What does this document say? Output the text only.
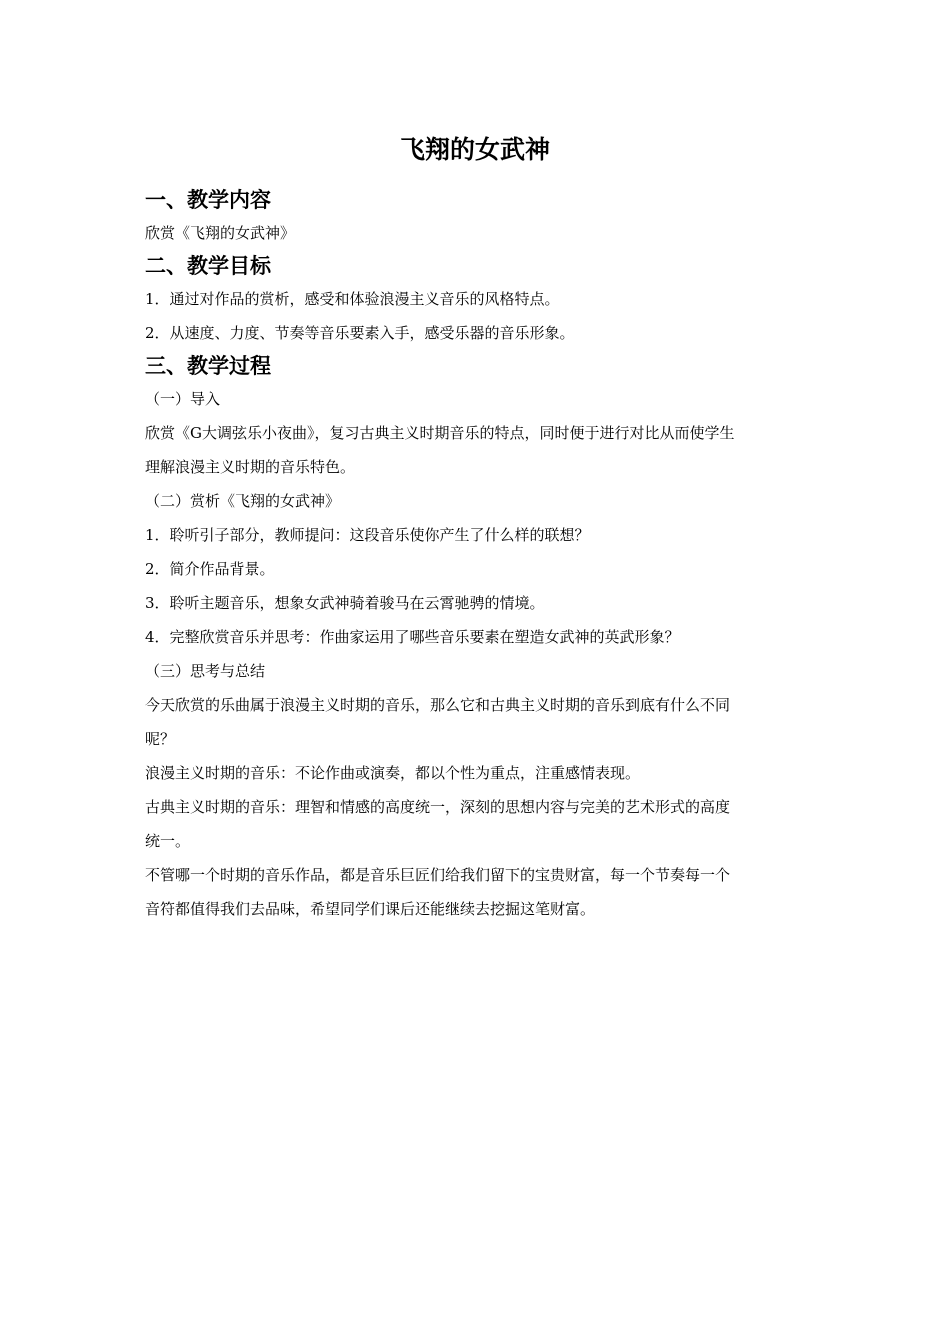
飞翔的女武神
一、教学内容

欣赏《飞翔的女武神》

二、教学目标

1．通过对作品的赏析，感受和体验浪漫主义音乐的风格特点。

2．从速度、力度、节奏等音乐要素入手，感受乐器的音乐形象。

三、教学过程

（一）导入

欣赏《G大调弦乐小夜曲》，复习古典主义时期音乐的特点，同时便于进行对比从而使学生

理解浪漫主义时期的音乐特色。

（二）赏析《飞翔的女武神》

1．聆听引子部分，教师提问：这段音乐使你产生了什么样的联想？

2．简介作品背景。

3．聆听主题音乐，想象女武神骑着骏马在云霄驰骋的情境。

4．完整欣赏音乐并思考：作曲家运用了哪些音乐要素在塑造女武神的英武形象？

（三）思考与总结

今天欣赏的乐曲属于浪漫主义时期的音乐，那么它和古典主义时期的音乐到底有什么不同

呢？

浪漫主义时期的音乐：不论作曲或演奏，都以个性为重点，注重感情表现。

古典主义时期的音乐：理智和情感的高度统一，深刻的思想内容与完美的艺术形式的高度

统一。

不管哪一个时期的音乐作品，都是音乐巨匠们给我们留下的宝贵财富，每一个节奏每一个

音符都值得我们去品味，希望同学们课后还能继续去挖掘这笔财富。
